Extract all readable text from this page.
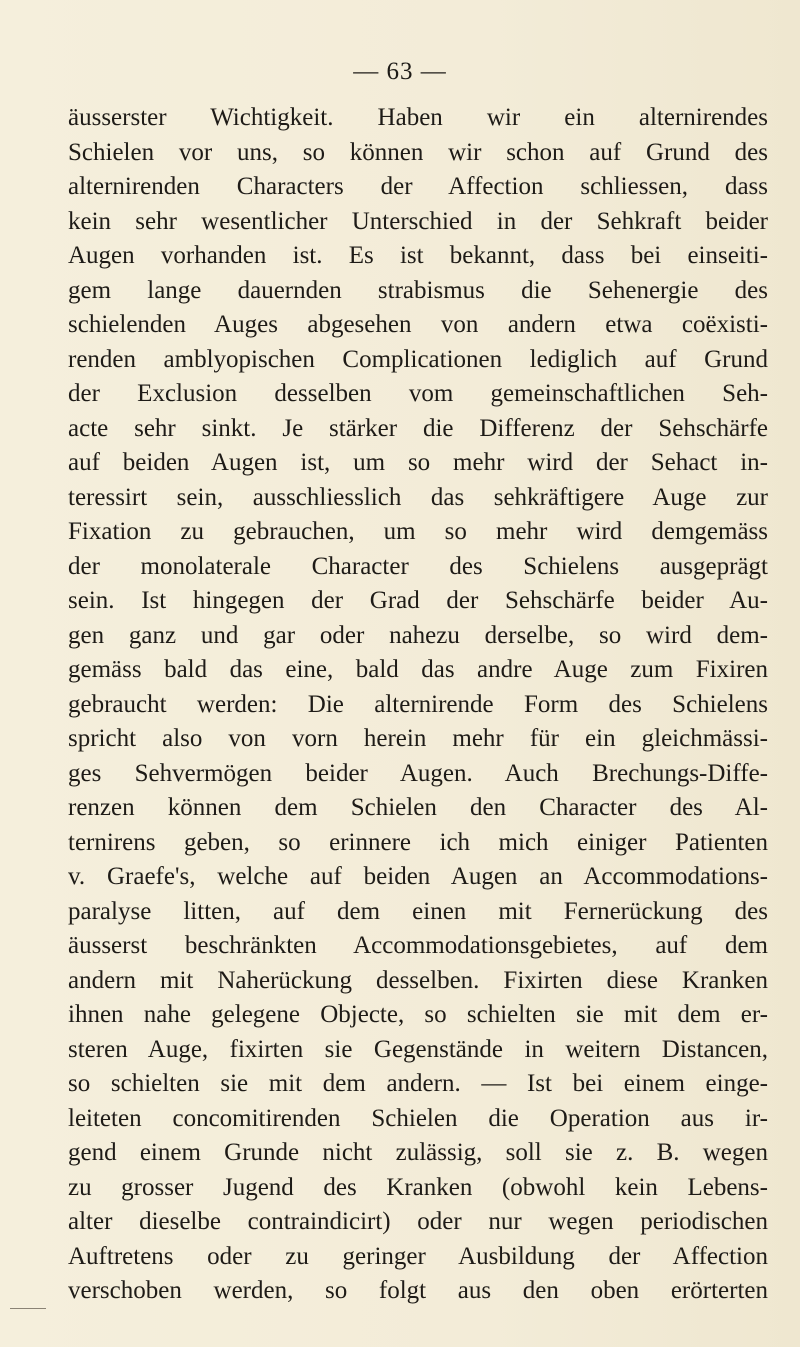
— 63 —
äusserster Wichtigkeit. Haben wir ein alternirendes
Schielen vor uns, so können wir schon auf Grund des
alternirenden Characters der Affection schliessen, dass
kein sehr wesentlicher Unterschied in der Sehkraft beider
Augen vorhanden ist. Es ist bekannt, dass bei einseiti-
gem lange dauernden strabismus die Sehenergie des
schielenden Auges abgesehen von andern etwa coëxisti-
renden amblyopischen Complicationen lediglich auf Grund
der Exclusion desselben vom gemeinschaftlichen Seh-
acte sehr sinkt. Je stärker die Differenz der Sehschärfe
auf beiden Augen ist, um so mehr wird der Sehact in-
teressirt sein, ausschliesslich das sehkräftigere Auge zur
Fixation zu gebrauchen, um so mehr wird demgemäss
der monolaterale Character des Schielens ausgeprägt
sein. Ist hingegen der Grad der Sehschärfe beider Au-
gen ganz und gar oder nahezu derselbe, so wird dem-
gemäss bald das eine, bald das andre Auge zum Fixiren
gebraucht werden: Die alternirende Form des Schielens
spricht also von vorn herein mehr für ein gleichmässi-
ges Sehvermögen beider Augen. Auch Brechungs-Diffe-
renzen können dem Schielen den Character des Al-
ternirens geben, so erinnere ich mich einiger Patienten
v. Graefe's, welche auf beiden Augen an Accommodations-
paralyse litten, auf dem einen mit Fernerückung des
äusserst beschränkten Accommodationsgebietes, auf dem
andern mit Naherückung desselben. Fixirten diese Kranken
ihnen nahe gelegene Objecte, so schielten sie mit dem er-
steren Auge, fixirten sie Gegenstände in weitern Distancen,
so schielten sie mit dem andern. — Ist bei einem einge-
leiteten concomitirenden Schielen die Operation aus ir-
gend einem Grunde nicht zulässig, soll sie z. B. wegen
zu grosser Jugend des Kranken (obwohl kein Lebens-
alter dieselbe contraindicirt) oder nur wegen periodischen
Auftretens oder zu geringer Ausbildung der Affection
verschoben werden, so folgt aus den oben erörterten
